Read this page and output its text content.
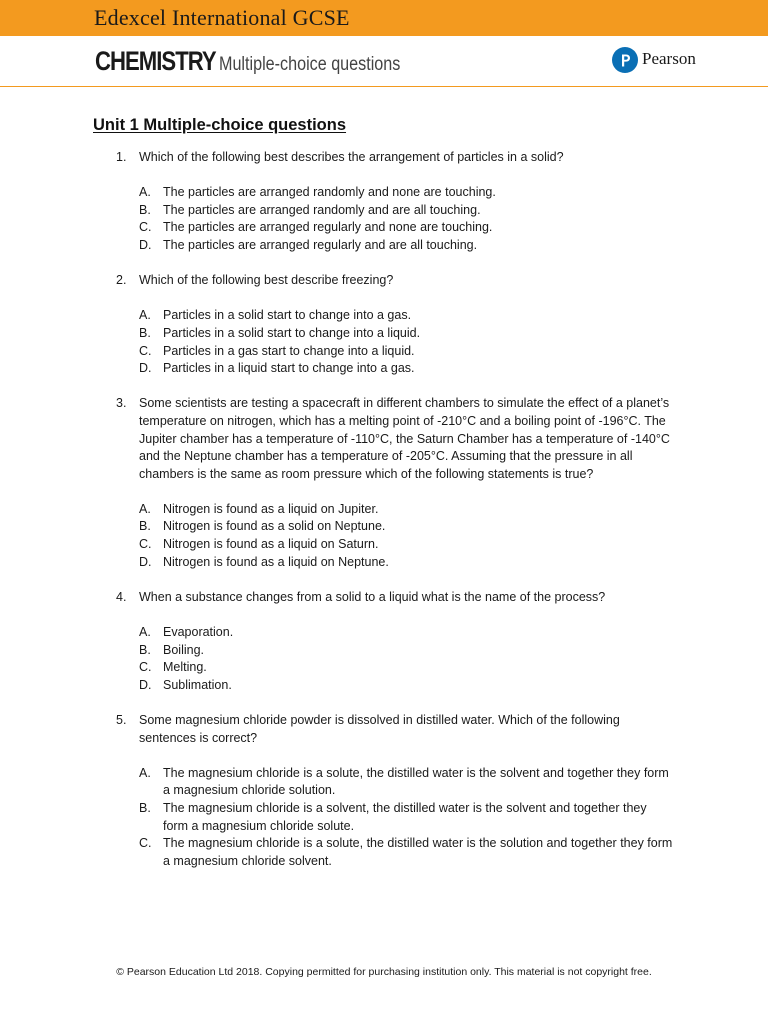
Edexcel International GCSE
CHEMISTRY Multiple-choice questions	Pearson
Unit 1 Multiple-choice questions
1. Which of the following best describes the arrangement of particles in a solid?
A. The particles are arranged randomly and none are touching.
B. The particles are arranged randomly and are all touching.
C. The particles are arranged regularly and none are touching.
D. The particles are arranged regularly and are all touching.
2. Which of the following best describe freezing?
A. Particles in a solid start to change into a gas.
B. Particles in a solid start to change into a liquid.
C. Particles in a gas start to change into a liquid.
D. Particles in a liquid start to change into a gas.
3. Some scientists are testing a spacecraft in different chambers to simulate the effect of a planet’s temperature on nitrogen, which has a melting point of -210°C and a boiling point of -196°C. The Jupiter chamber has a temperature of -110°C, the Saturn Chamber has a temperature of -140°C and the Neptune chamber has a temperature of -205°C. Assuming that the pressure in all chambers is the same as room pressure which of the following statements is true?
A. Nitrogen is found as a liquid on Jupiter.
B. Nitrogen is found as a solid on Neptune.
C. Nitrogen is found as a liquid on Saturn.
D. Nitrogen is found as a liquid on Neptune.
4. When a substance changes from a solid to a liquid what is the name of the process?
A. Evaporation.
B. Boiling.
C. Melting.
D. Sublimation.
5. Some magnesium chloride powder is dissolved in distilled water. Which of the following sentences is correct?
A. The magnesium chloride is a solute, the distilled water is the solvent and together they form a magnesium chloride solution.
B. The magnesium chloride is a solvent, the distilled water is the solvent and together they form a magnesium chloride solute.
C. The magnesium chloride is a solute, the distilled water is the solution and together they form a magnesium chloride solvent.
© Pearson Education Ltd 2018. Copying permitted for purchasing institution only. This material is not copyright free.
